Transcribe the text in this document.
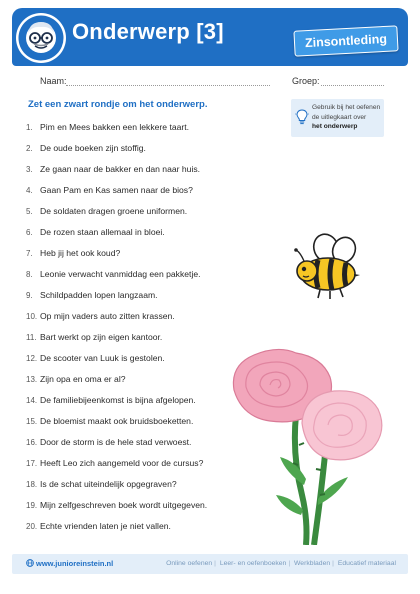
Onderwerp [3]	Zinsontleding
Naam:	Groep:
Zet een zwart rondje om het onderwerp.	Gebruik bij het oefenen
de uitlegkaart over
het onderwerp
1. Pim en Mees bakken een lekkere taart.
2. De oude boeken zijn stoffig.
3. Ze gaan naar de bakker en dan naar huis.
4. Gaan Pam en Kas samen naar de bios?
5. De soldaten dragen groene uniformen.
6. De rozen staan allemaal in bloei.
7. Heb jij het ook koud?
8. Leonie verwacht vanmiddag een pakketje.
9. Schildpadden lopen langzaam.
10. Op mijn vaders auto zitten krassen.
11. Bart werkt op zijn eigen kantoor.
12. De scooter van Luuk is gestolen.
13. Zijn opa en oma er al?
14. De familiebijeenkomst is bijna afgelopen.
15. De bloemist maakt ook bruidsboeketten.
16. Door de storm is de hele stad verwoest.
17. Heeft Leo zich aangemeld voor de cursus?
18. Is de schat uiteindelijk opgegraven?
19. Mijn zelfgeschreven boek wordt uitgegeven.
20. Echte vrienden laten je niet vallen.
www.junioreinstein.nl	Online oefenen | Leer- en oefenboeken | Werkbladen | Educatief materiaal
